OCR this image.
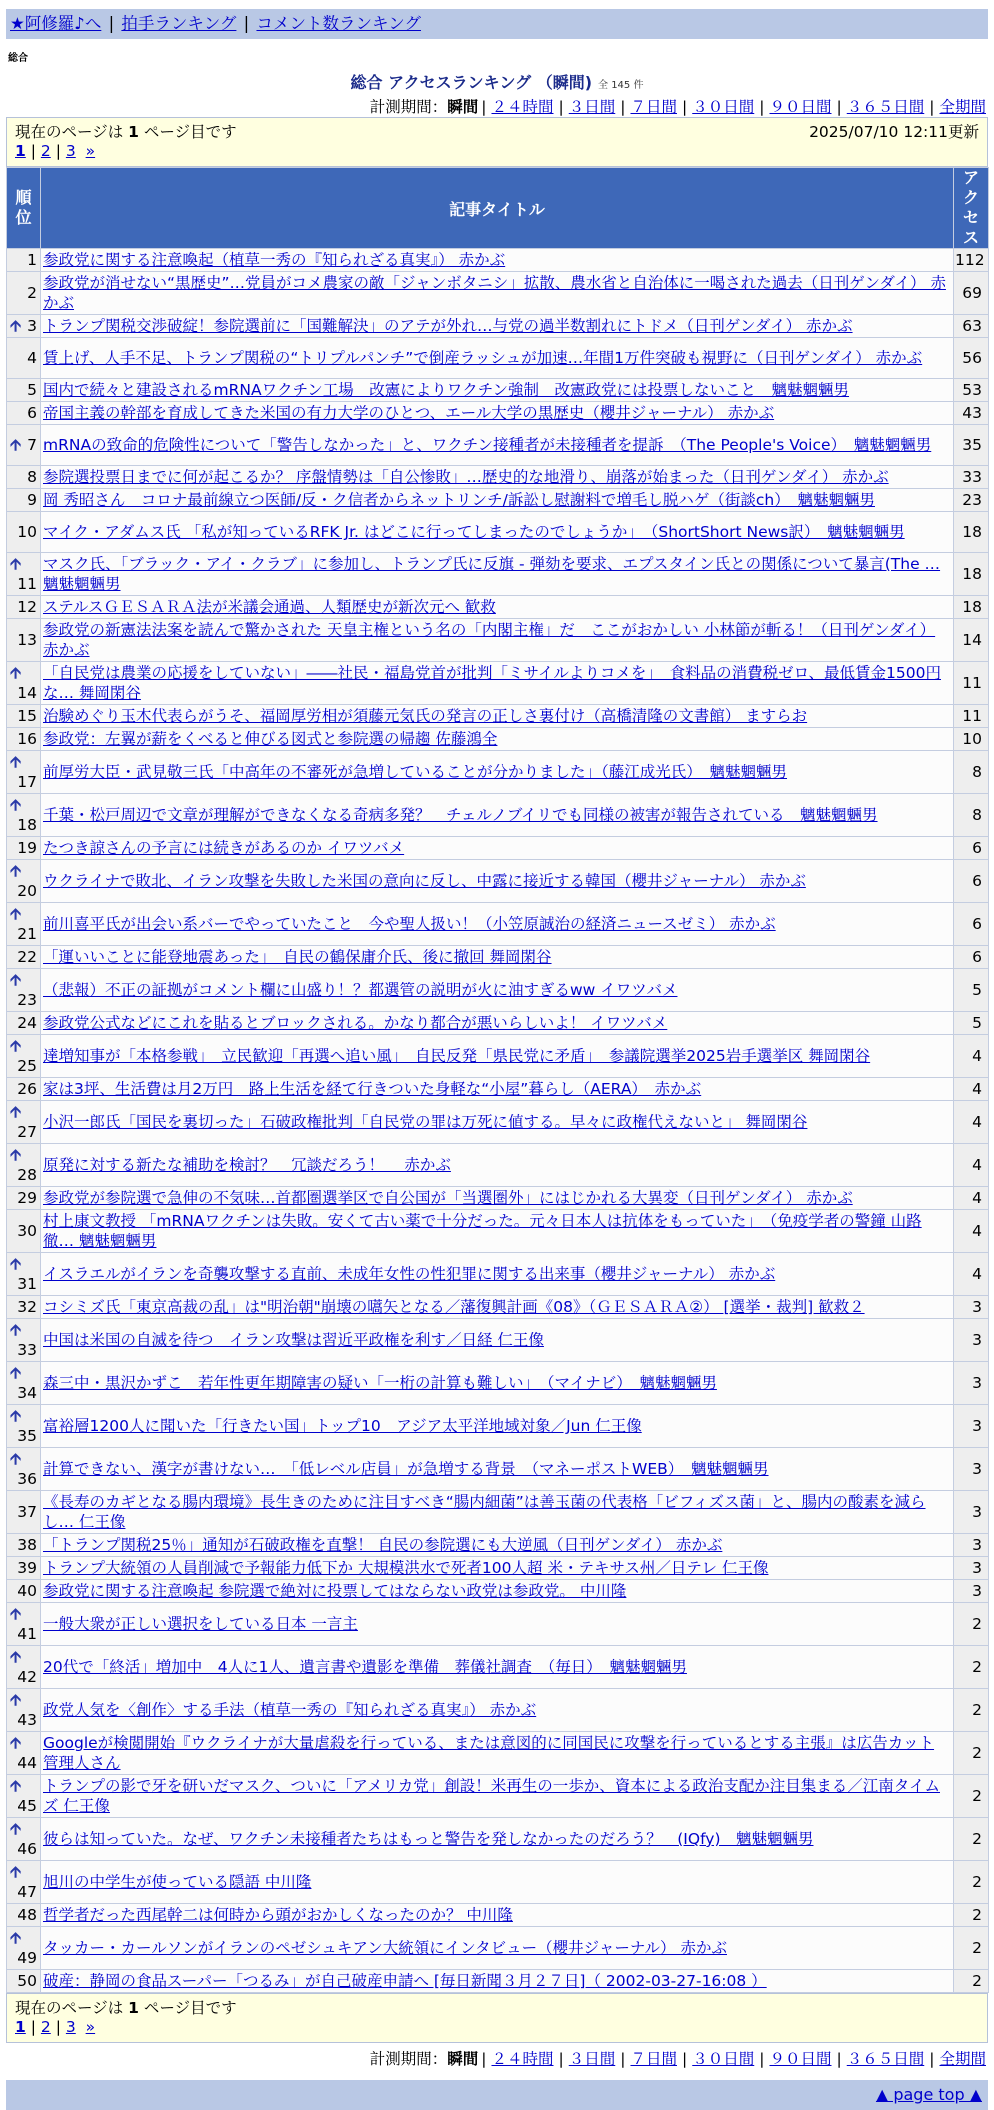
★阿修羅♪へ | 拍手ランキング | コメント数ランキング
総合
総合 アクセスランキング （瞬間) 全 145 件
計測期間：瞬間 | ２４時間 | ３日間 | ７日間 | ３０日間 | ９０日間 | ３６５日間 | 全期間
現在のページは 1 ページ目です	2025/07/10 12:11更新
1 | 2 | 3 »
順位	記事タイトル	アクセス
1	参政党に関する注意喚起（植草一秀の『知られざる真実』） 赤かぶ	112
2	参政党が消せない“黒歴史”…党員がコメ農家の敵「ジャンボタニシ」拡散、農水省と自治体に一喝された過去（日刊ゲンダイ） 赤かぶ	69

🡩 3	トランプ関税交渉破綻！参院選前に「国難解決」のアテが外れ…与党の過半数割れにトドメ（日刊ゲンダイ） 赤かぶ	63
4	賃上げ、人手不足、トランプ関税の“トリプルパンチ”で倒産ラッシュが加速…年間1万件突破も視野に（日刊ゲンダイ） 赤かぶ	56
5	国内で続々と建設されるmRNAワクチン工場　改憲によりワクチン強制　改憲政党には投票しないこと　魑魅魍魎男	53
6	帝国主義の幹部を育成してきた米国の有力大学のひとつ、エール大学の黒歴史（櫻井ジャーナル） 赤かぶ	43

🡩 7	mRNAの致命的危険性について「警告しなかった」と、ワクチン接種者が未接種者を提訴　（The People's Voice）　魑魅魍魎男	35
8	参院選投票日までに何が起こるか？ 序盤情勢は「自公惨敗」…歴史的な地滑り、崩落が始まった（日刊ゲンダイ） 赤かぶ	33
9	岡 秀昭さん　コロナ最前線立つ医師/反・ク信者からネットリンチ/訴訟し慰謝料で増毛し脱ハゲ（街談ch）　魑魅魍魎男	23
10	マイク・アダムス氏 「私が知っているRFK Jr. はどこに行ってしまったのでしょうか」　（ShortShort News訳）　魑魅魍魎男	18

🡩
11	マスク氏、「ブラック・アイ・クラブ」に参加し、トランプ氏に反旗 - 弾劾を要求、エプスタイン氏との関係について暴言(The … 魑魅魍魎男	18
12	ステルスＧＥＳＡＲＡ法が米議会通過、人類歴史が新次元へ 歓救	18
13	参政党の新憲法法案を読んで驚かされた 天皇主権という名の「内閣主権」だ　ここがおかしい 小林節が斬る！（日刊ゲンダイ） 赤かぶ	14

🡩
14	「自民党は農業の応援をしていない」――社民・福島党首が批判「ミサイルよりコメを」　食料品の消費税ゼロ、最低賃金1500円な… 舞岡閑谷	11
15	治験めぐり玉木代表らがうそ、福岡厚労相が須藤元気氏の発言の正しさ裏付け（高橋清隆の文書館） ますらお	11
16	参政党：左翼が薪をくべると伸びる図式と参院選の帰趨 佐藤鴻全	10

🡩
17	前厚労大臣・武見敬三氏「中高年の不審死が急増していることが分かりました」（藤江成光氏）　魑魅魍魎男	8

🡩
18	千葉・松戸周辺で文章が理解ができなくなる奇病多発？　チェルノブイリでも同様の被害が報告されている　魑魅魍魎男	8
19	たつき諒さんの予言には続きがあるのか イワツバメ	6

🡩
20	ウクライナで敗北、イラン攻撃を失敗した米国の意向に反し、中露に接近する韓国（櫻井ジャーナル） 赤かぶ	6

🡩
21	前川喜平氏が出会い系バーでやっていたこと　今や聖人扱い！（小笠原誠治の経済ニュースゼミ） 赤かぶ	6
22	「運いいことに能登地震あった」　自民の鶴保庸介氏、後に撤回 舞岡閑谷	6

🡩
23	（悲報）不正の証拠がコメント欄に山盛り！？都選管の説明が火に油すぎるww イワツバメ	5
24	参政党公式などにこれを貼るとブロックされる。かなり都合が悪いらしいよ！ イワツバメ	5

🡩
25	達増知事が「本格参戦」　立民歓迎「再選へ追い風」　自民反発「県民党に矛盾」　参議院選挙2025岩手選挙区 舞岡閑谷	4
26	家は3坪、生活費は月2万円　路上生活を経て行きついた身軽な“小屋”暮らし（AERA）　赤かぶ	4

🡩
27	小沢一郎氏「国民を裏切った」石破政権批判「自民党の罪は万死に値する。早々に政権代えないと」 舞岡閑谷	4

🡩
28	原発に対する新たな補助を検討？　冗談だろう！　 赤かぶ	4
29	参政党が参院選で急伸の不気味…首都圏選挙区で自公国が「当選圏外」にはじかれる大異変（日刊ゲンダイ） 赤かぶ	4
30	村上康文教授 「mRNAワクチンは失敗。安くて古い薬で十分だった。元々日本人は抗体をもっていた」　（免疫学者の警鐘 山路 徹… 魑魅魍魎男	4

🡩
31	イスラエルがイランを奇襲攻撃する直前、未成年女性の性犯罪に関する出来事（櫻井ジャーナル） 赤かぶ	4
32	コシミズ氏「東京高裁の乱」は"明治朝"崩壊の嚆矢となる／藩復興計画《08》（ＧＥＳＡＲＡ②） [選挙・裁判] 歓救２	3

🡩
33	中国は米国の自滅を待つ　イラン攻撃は習近平政権を利す／日経 仁王像	3

🡩
34	森三中・黒沢かずこ　若年性更年期障害の疑い「一桁の計算も難しい」　（マイナビ）　魑魅魍魎男	3

🡩
35	富裕層1200人に聞いた「行きたい国」トップ10　アジア太平洋地域対象／Jun 仁王像	3

🡩
36	計算できない、漢字が書けない…　「低レベル店員」が急増する背景　（マネーポストWEB）　魑魅魍魎男	3
37	《長寿のカギとなる腸内環境》長生きのために注目すべき“腸内細菌”は善玉菌の代表格「ビフィズス菌」と、腸内の酸素を減らし… 仁王像	3
38	「トランプ関税25％」通知が石破政権を直撃！ 自民の参院選にも大逆風（日刊ゲンダイ） 赤かぶ	3
39	トランプ大統領の人員削減で予報能力低下か 大規模洪水で死者100人超 米・テキサス州／日テレ 仁王像	3
40	参政党に関する注意喚起 参院選で絶対に投票してはならない政党は参政党。 中川隆	3

🡩
41	一般大衆が正しい選択をしている日本 一言主	2

🡩
42	20代で「終活」増加中　4人に1人、遺言書や遺影を準備　葬儀社調査　（毎日）　魑魅魍魎男	2

🡩
43	政党人気を〈創作〉する手法（植草一秀の『知られざる真実』） 赤かぶ	2

🡩
44	Googleが検閲開始『ウクライナが大量虐殺を行っている、または意図的に同国民に攻撃を行っているとする主張』は広告カット 管理人さん	2

🡩
45	トランプの影で牙を研いだマスク、ついに「アメリカ党」創設！米再生の一歩か、資本による政治支配か注目集まる／江南タイムズ 仁王像	2

🡩
46	彼らは知っていた。なぜ、ワクチン未接種者たちはもっと警告を発しなかったのだろう？　(IQfy)　魑魅魍魎男	2

🡩
47	旭川の中学生が使っている隠語 中川隆	2
48	哲学者だった西尾幹二は何時から頭がおかしくなったのか？ 中川隆	2

🡩
49	タッカー・カールソンがイランのペゼシュキアン大統領にインタビュー（櫻井ジャーナル） 赤かぶ	2
50	破産：静岡の食品スーパー「つるみ」が自己破産申請へ [毎日新聞３月２７日]（ 2002-03-27-16:08 ）	2
現在のページは 1 ページ目です
1 | 2 | 3 »
計測期間：瞬間 | ２４時間 | ３日間 | ７日間 | ３０日間 | ９０日間 | ３６５日間 | 全期間
▲ page top ▲
